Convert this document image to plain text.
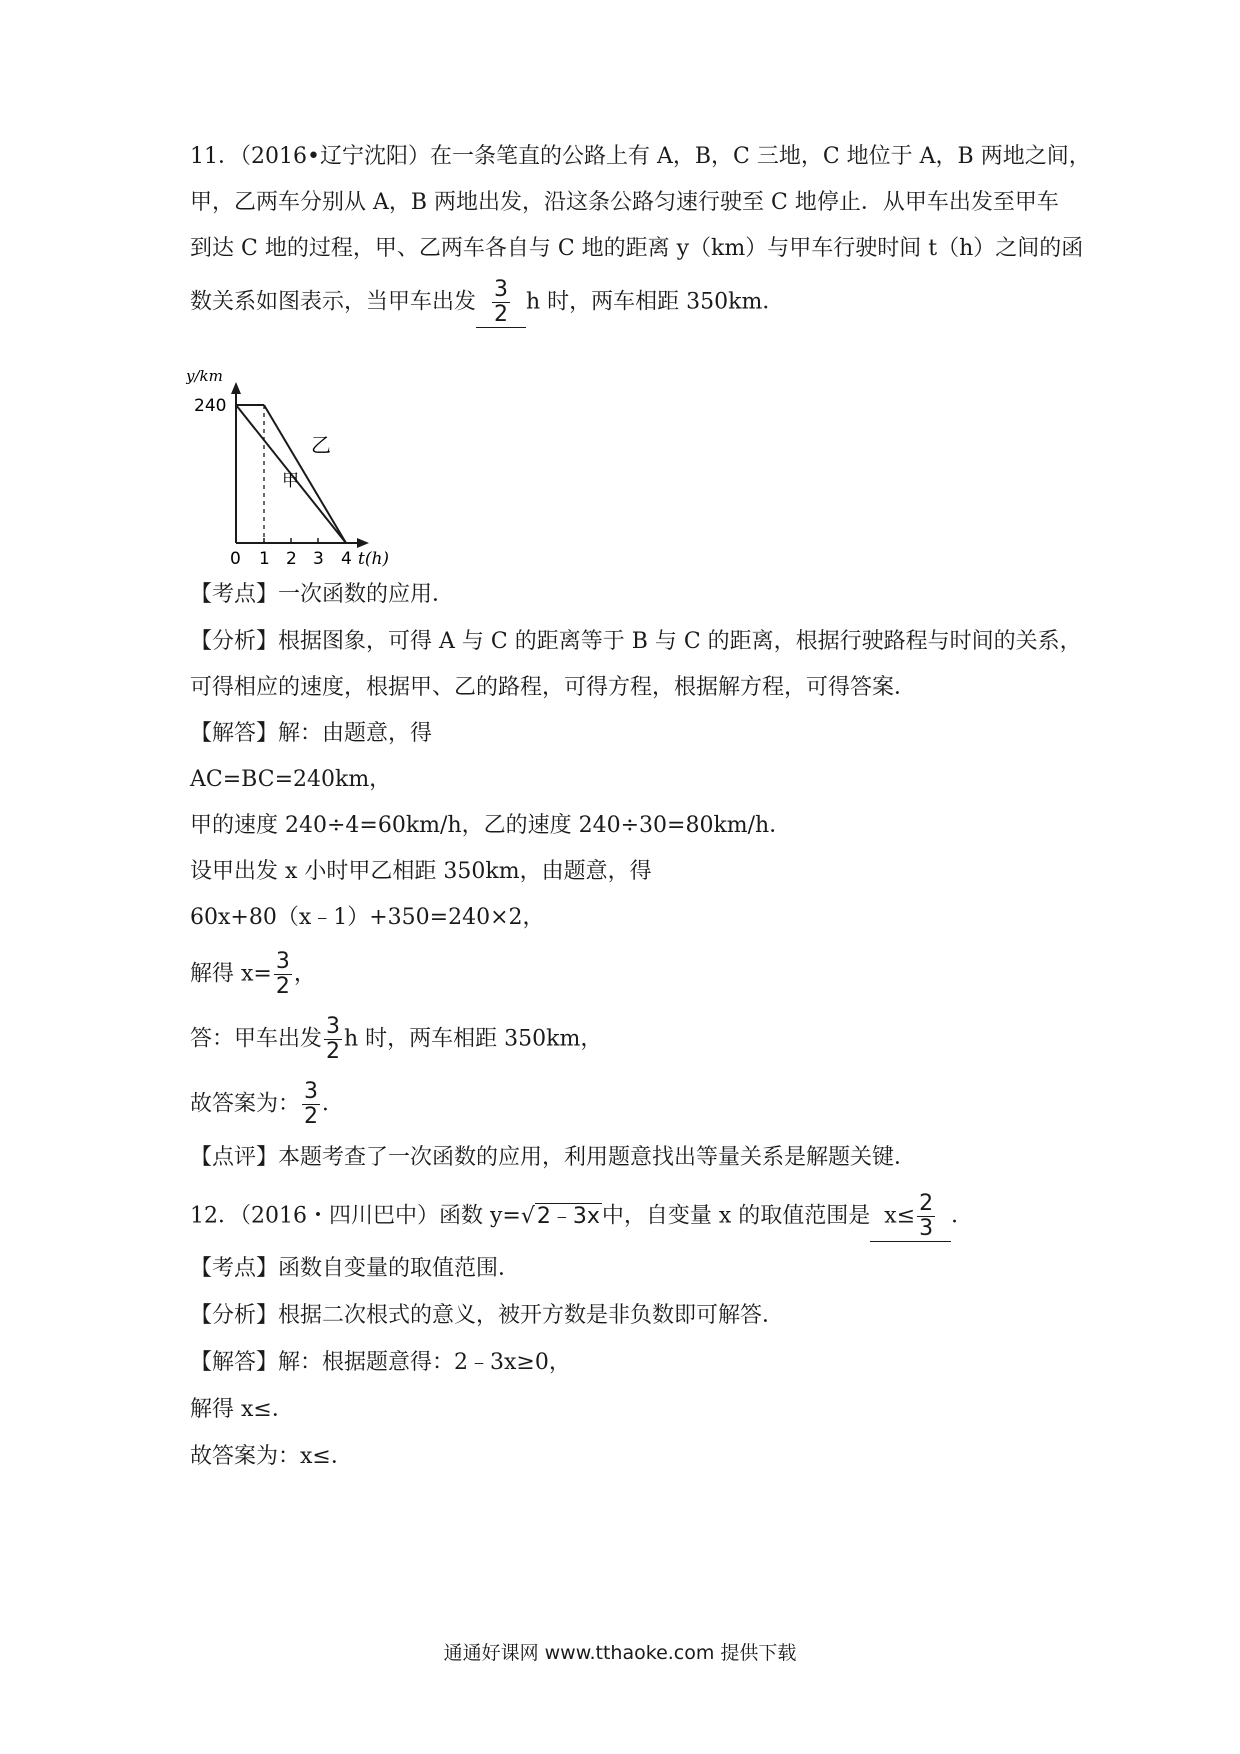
11．（2016•辽宁沈阳）在一条笔直的公路上有 A，B，C 三地，C 地位于 A，B 两地之间，
甲，乙两车分别从 A，B 两地出发，沿这条公路匀速行驶至 C 地停止．从甲车出发至甲车
到达 C 地的过程，甲、乙两车各自与 C 地的距离 y（km）与甲车行驶时间 t（h）之间的函
数关系如图表示，当甲车出发 $\frac{3}{2}$ h 时，两车相距 350km．
y/km
240
乙
甲
0 1 2 3 4 t(h)
【考点】一次函数的应用．
【分析】根据图象，可得 A 与 C 的距离等于 B 与 C 的距离，根据行驶路程与时间的关系，
可得相应的速度，根据甲、乙的路程，可得方程，根据解方程，可得答案．
【解答】解：由题意，得
AC=BC=240km，
甲的速度 240÷4=60km/h，乙的速度 240÷30=80km/h．
设甲出发 x 小时甲乙相距 350km，由题意，得
60x+80（x﹣1）+350=240×2，
解得 $x= \frac{3}{2}$ ，
答：甲车出发 $\frac{3}{2}$ h 时，两车相距 350km，
故答案为： $\frac{3}{2}$ ．
【点评】本题考查了一次函数的应用，利用题意找出等量关系是解题关键．
12．（2016・四川巴中）函数 y=√2﹣3x中，自变量 x 的取值范围是 $x\le \frac{2}{3}$ ．
【考点】函数自变量的取值范围．
【分析】根据二次根式的意义，被开方数是非负数即可解答．
【解答】解：根据题意得：2﹣3x≥0，
解得 x≤．
故答案为：x≤．
通通好课网 www.tthaoke.com 提供下载
